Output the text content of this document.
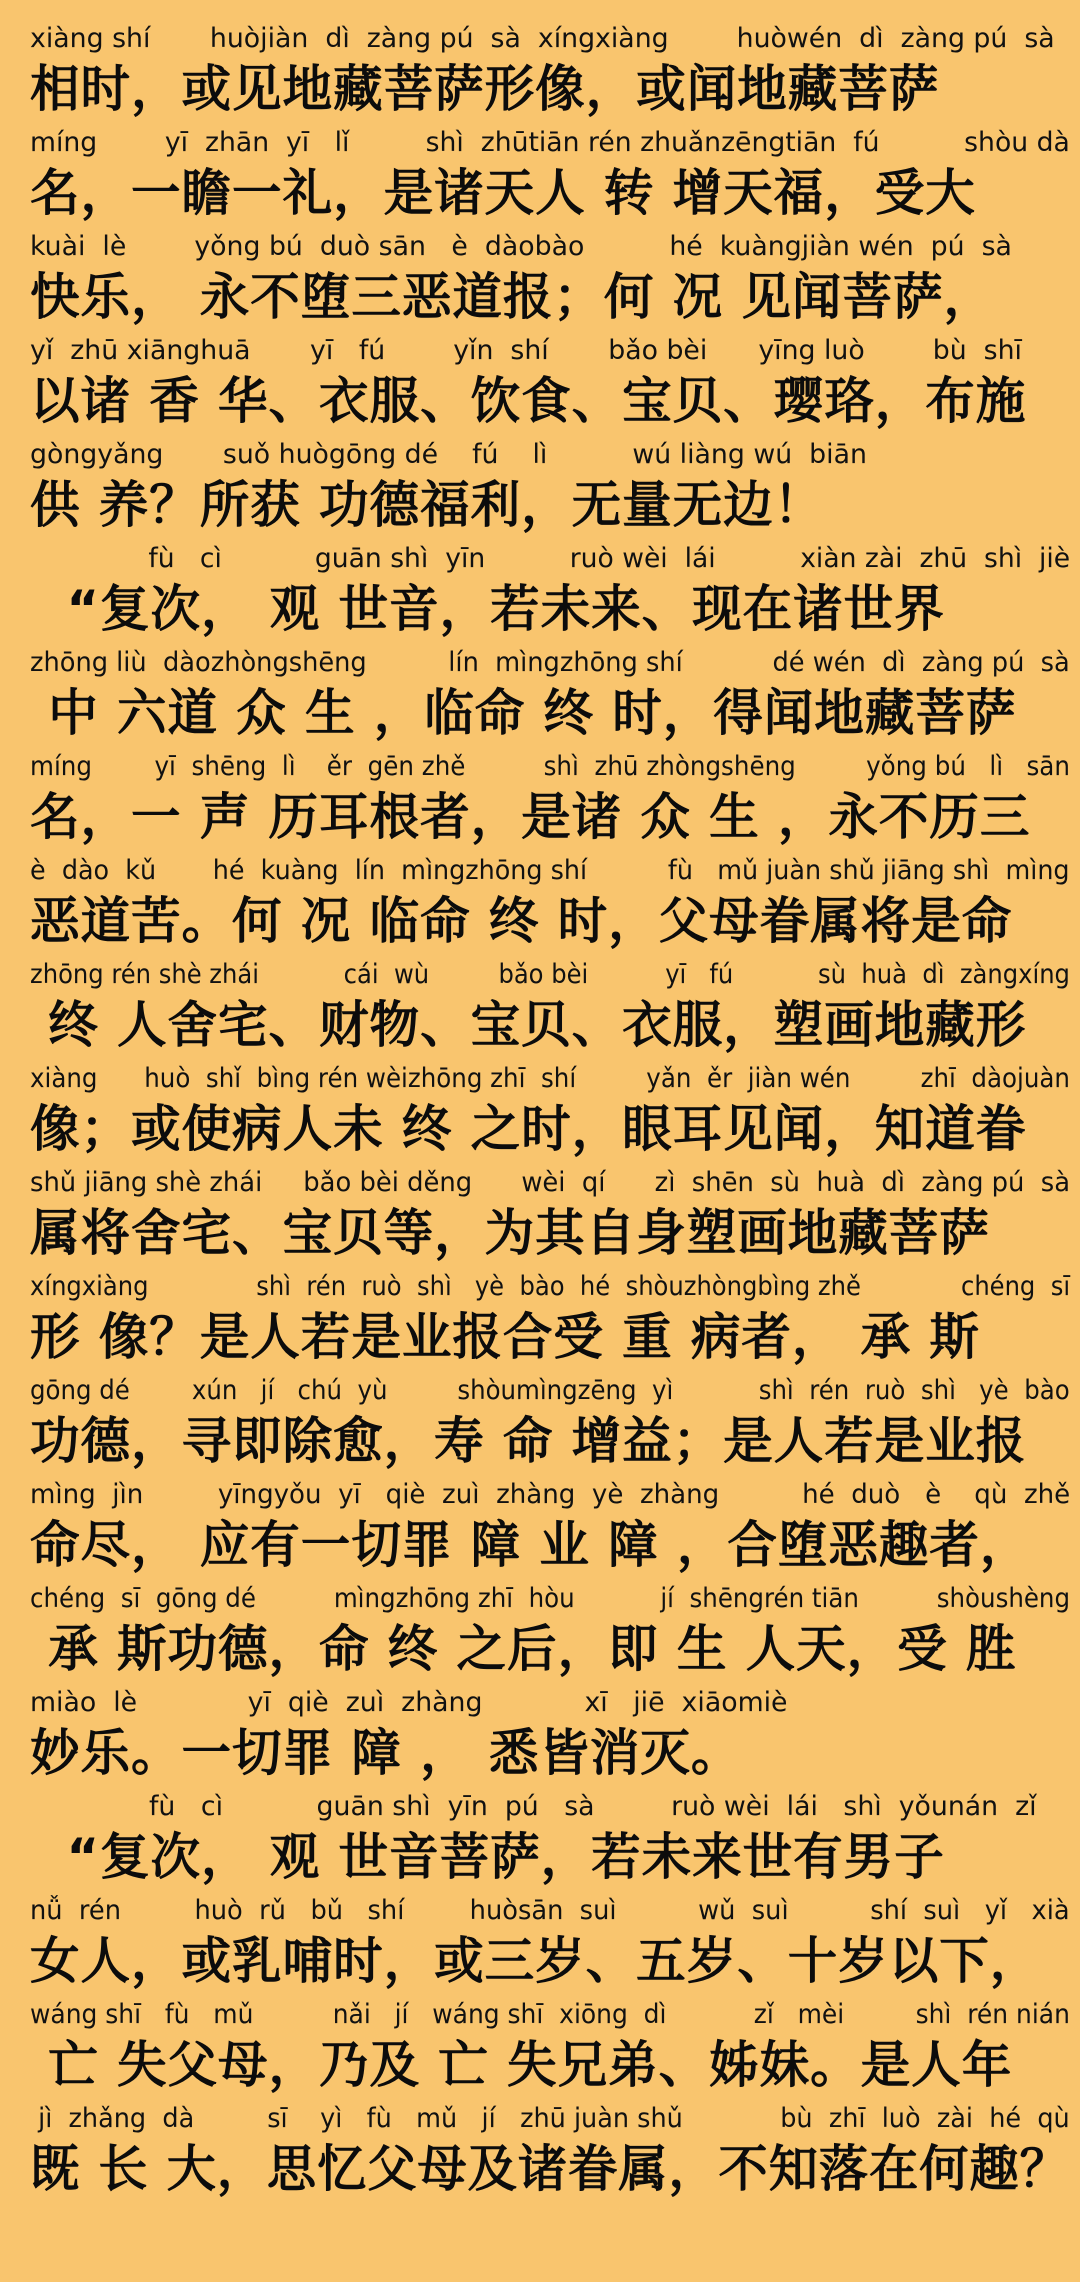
xiàng shí       huòjiàn  dì  zàng pú  sà  xíngxiàng        huòwén  dì  zàng pú  sà
相时，或见地藏菩萨形像，或闻地藏菩萨
míng        yī  zhān  yī   lǐ         shì  zhūtiān rén zhuǎnzēngtiān  fú          shòu dà
名，一瞻一礼，是诸天人 转 增天福，受大
kuài  lè        yǒng bú  duò sān   è  dàobào          hé  kuàngjiàn wén  pú  sà
快乐， 永不堕三恶道报；何 况 见闻菩萨，
yǐ  zhū xiānghuā       yī   fú        yǐn  shí       bǎo bèi      yīng luò        bù  shī
以诸 香 华、衣服、饮食、宝贝、璎珞，布施
gòngyǎng       suǒ huògōng dé    fú    lì          wú liàng wú  biān
供 养？所获 功德福利，无量无边！
fù   cì           guān shì  yīn          ruò wèi  lái          xiàn zài  zhū  shì  jiè
“复次， 观 世音，若未来、现在诸世界
zhōng liù  dàozhòngshēng          lín  mìngzhōng shí           dé wén  dì  zàng pú  sà
中 六道 众 生 ，临命 终 时，得闻地藏菩萨
míng        yī  shēng  lì    ěr  gēn zhě          shì  zhū zhòngshēng         yǒng bú   lì   sān
名，一 声 历耳根者，是诸 众 生 ，永不历三
è  dào  kǔ       hé  kuàng  lín  mìngzhōng shí          fù   mǔ juàn shǔ jiāng shì  mìng
恶道苦。何 况 临命 终 时，父母眷属将是命
zhōng rén shè zhái           cái  wù         bǎo bèi          yī   fú           sù  huà  dì  zàngxíng
终 人舍宅、财物、宝贝、衣服，塑画地藏形
xiàng      huò  shǐ  bìng rén wèizhōng zhī  shí         yǎn  ěr  jiàn wén         zhī  dàojuàn
像；或使病人未 终 之时，眼耳见闻，知道眷
shǔ jiāng shè zhái     bǎo bèi děng      wèi  qí      zì  shēn  sù  huà  dì  zàng pú  sà
属将舍宅、宝贝等，为其自身塑画地藏菩萨
xíngxiàng              shì  rén  ruò  shì   yè  bào  hé  shòuzhòngbìng zhě             chéng  sī
形 像？是人若是业报合受 重 病者， 承 斯
gōng dé        xún   jí   chú  yù         shòumìngzēng  yì           shì  rén  ruò  shì   yè  bào
功德，寻即除愈，寿 命 增益；是人若是业报
mìng  jìn         yīngyǒu  yī   qiè  zuì  zhàng  yè  zhàng          hé  duò   è    qù  zhě
命尽， 应有一切罪 障 业 障 ，合堕恶趣者，
chéng  sī  gōng dé          mìngzhōng zhī  hòu           jí  shēngrén tiān          shòushèng
承 斯功德，命 终 之后，即 生 人天，受 胜
miào  lè             yī  qiè  zuì  zhàng            xī   jiē  xiāomiè
妙乐。一切罪 障 ， 悉皆消灭。
fù   cì           guān shì  yīn  pú   sà         ruò wèi  lái   shì  yǒunán  zǐ
“复次， 观 世音菩萨，若未来世有男子
nǚ  rén         huò  rǔ   bǔ   shí        huòsān  suì          wǔ  suì          shí  suì   yǐ   xià
女人，或乳哺时，或三岁、五岁、十岁以下，
wáng shī   fù   mǔ          nǎi   jí   wáng shī  xiōng  dì           zǐ   mèi         shì  rén nián
亡 失父母，乃及 亡 失兄弟、姊妹。是人年
jì  zhǎng  dà         sī    yì   fù   mǔ   jí   zhū juàn shǔ            bù  zhī  luò  zài  hé  qù
既 长 大，思忆父母及诸眷属，不知落在何趣？
